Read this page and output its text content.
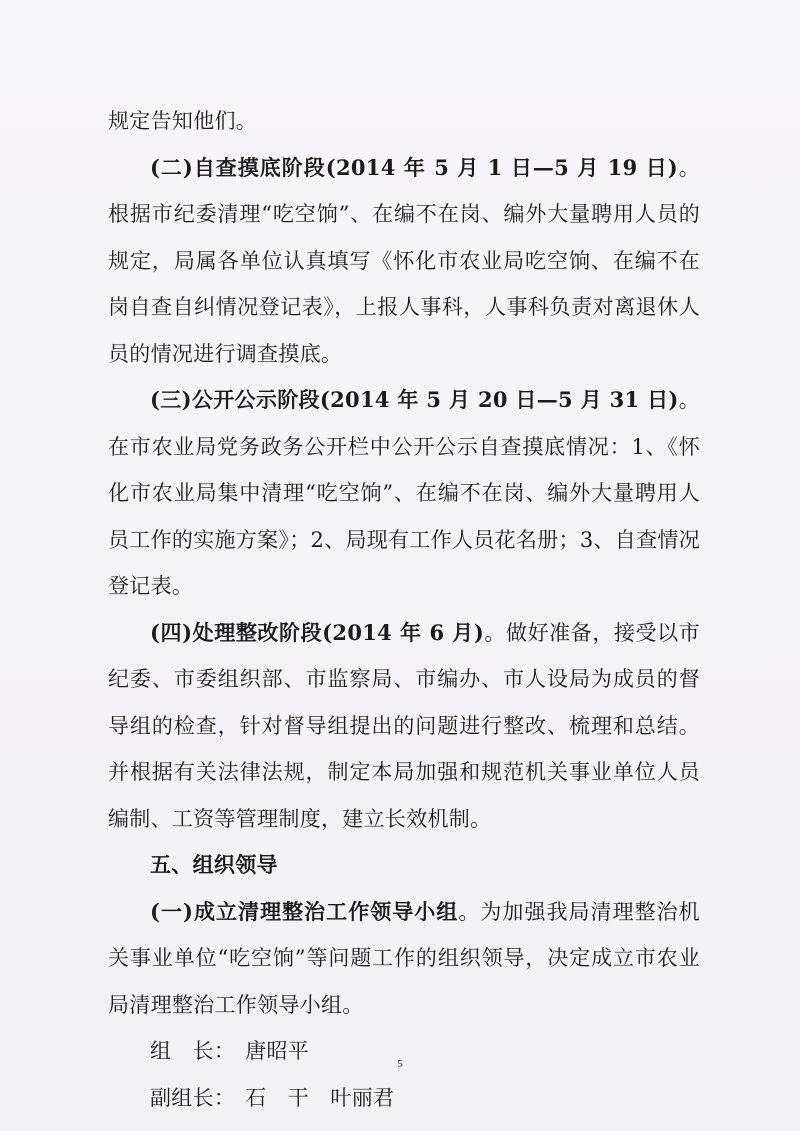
规定告知他们。

(二)自查摸底阶段(2014 年 5 月 1 日—5 月 19 日)。根据市纪委清理“吃空饷”、在编不在岗、编外大量聘用人员的规定，局属各单位认真填写《怀化市农业局吃空饷、在编不在岗自查自纠情况登记表》，上报人事科，人事科负责对离退休人员的情况进行调查摸底。

(三)公开公示阶段(2014 年 5 月 20 日—5 月 31 日)。在市农业局党务政务公开栏中公开公示自查摸底情况：1、《怀化市农业局集中清理“吃空饷”、在编不在岗、编外大量聘用人员工作的实施方案》；2、局现有工作人员花名册；3、自查情况登记表。

(四)处理整改阶段(2014 年 6 月)。做好准备，接受以市纪委、市委组织部、市监察局、市编办、市人设局为成员的督导组的检查，针对督导组提出的问题进行整改、梳理和总结。并根据有关法律法规，制定本局加强和规范机关事业单位人员编制、工资等管理制度，建立长效机制。

五、组织领导

(一)成立清理整治工作领导小组。为加强我局清理整治机关事业单位“吃空饷”等问题工作的组织领导，决定成立市农业局清理整治工作领导小组。

组　长： 唐昭平

副组长： 石　干　叶丽君

5
